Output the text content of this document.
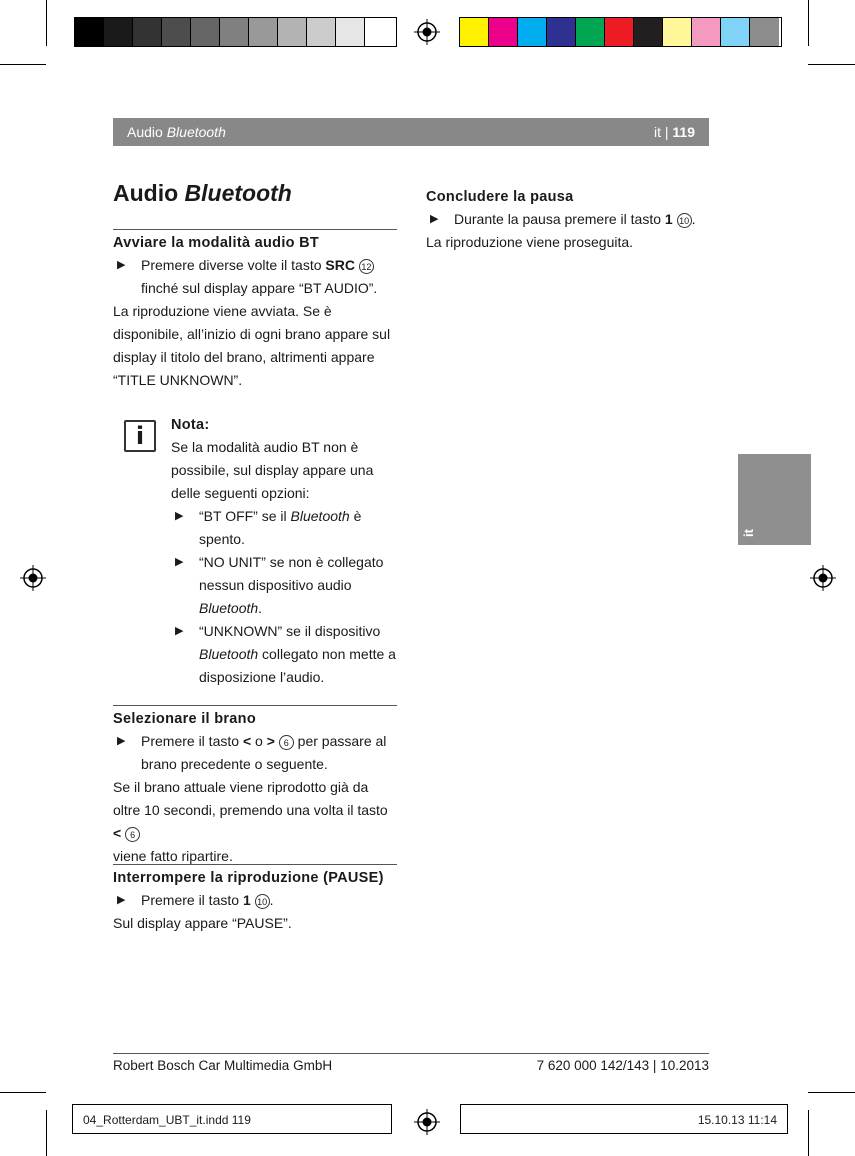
Audio Bluetooth	it | 119
it
Audio Bluetooth

Avviare la modalità audio BT

▶ Premere diverse volte il tasto SRC 12
finché sul display appare “BT AUDIO”.

La riproduzione viene avviata. Se è disponibile, all’inizio di ogni brano appare sul display il titolo del brano, altrimenti appare “TITLE UNKNOWN”.

i	Nota:

Se la modalità audio BT non è possibile, sul display appare una delle seguenti opzioni:

▶ “BT OFF” se il Bluetooth è spento.
▶ “NO UNIT” se non è collegato nessun dispositivo audio Bluetooth.
▶ “UNKNOWN” se il dispositivo Bluetooth collegato non mette a disposizione l’audio.

Selezionare il brano

▶ Premere il tasto < o > 6 per passare al brano precedente o seguente.

Se il brano attuale viene riprodotto già da oltre 10 secondi, premendo una volta il tasto < 6
viene fatto ripartire.

Interrompere la riproduzione (PAUSE)

▶ Premere il tasto 1 10 .

Sul display appare “PAUSE”.

Concludere la pausa

▶ Durante la pausa premere il tasto 1 10 .

La riproduzione viene proseguita.

Robert Bosch Car Multimedia GmbH	7 620 000 142/143 | 10.2013
04_Rotterdam_UBT_it.indd 119	15.10.13 11:14
